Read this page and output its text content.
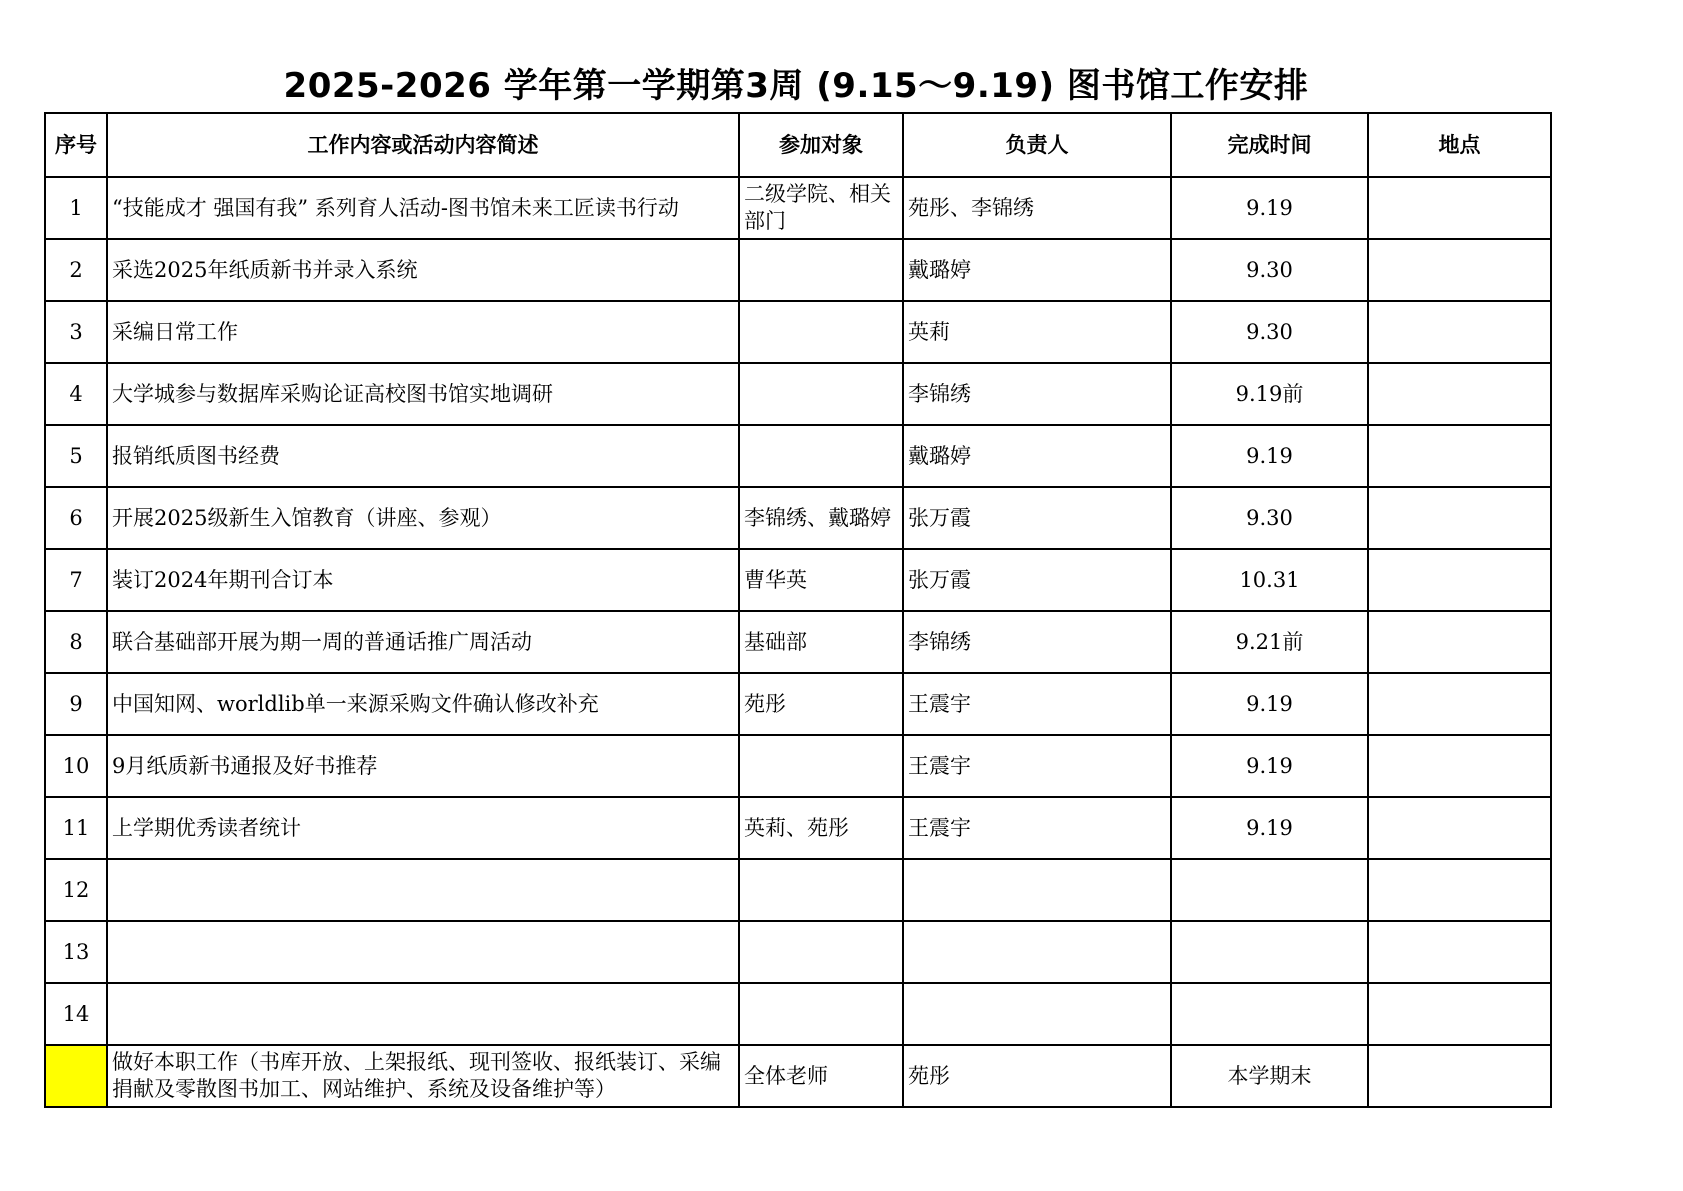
2025-2026 学年第一学期第3周 (9.15～9.19) 图书馆工作安排
序号	工作内容或活动内容简述	参加对象	负责人	完成时间	地点
1	“技能成才 强国有我” 系列育人活动-图书馆未来工匠读书行动	二级学院、相关部门	苑彤、李锦绣	9.19	
2	采选2025年纸质新书并录入系统		戴璐婷	9.30	
3	采编日常工作		英莉	9.30	
4	大学城参与数据库采购论证高校图书馆实地调研		李锦绣	9.19前	
5	报销纸质图书经费		戴璐婷	9.19	
6	开展2025级新生入馆教育（讲座、参观）	李锦绣、戴璐婷	张万霞	9.30	
7	装订2024年期刊合订本	曹华英	张万霞	10.31	
8	联合基础部开展为期一周的普通话推广周活动	基础部	李锦绣	9.21前	
9	中国知网、worldlib单一来源采购文件确认修改补充	苑彤	王震宇	9.19	
10	9月纸质新书通报及好书推荐		王震宇	9.19	
11	上学期优秀读者统计	英莉、苑彤	王震宇	9.19	
12					
13					
14					
	做好本职工作（书库开放、上架报纸、现刊签收、报纸装订、采编捐献及零散图书加工、网站维护、系统及设备维护等）	全体老师	苑彤	本学期末	
